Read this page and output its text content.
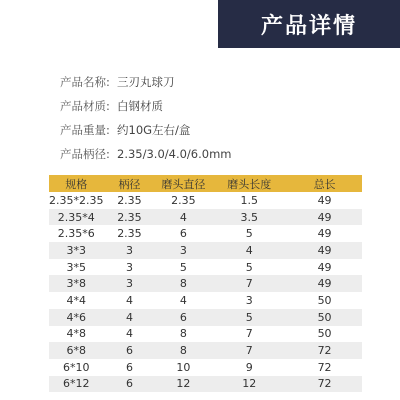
产品详情
产品名称: 三刃丸球刀
产品材质: 白钢材质
产品重量: 约10G左右/盒
产品柄径: 2.35/3.0/4.0/6.0mm
规格	柄径	磨头直径	磨头长度	总长
2.35*2.35	2.35	2.35	1.5	49
2.35*4	2.35	4	3.5	49
2.35*6	2.35	6	5	49
3*3	3	3	4	49
3*5	3	5	5	49
3*8	3	8	7	49
4*4	4	4	3	50
4*6	4	6	5	50
4*8	4	8	7	50
6*8	6	8	7	72
6*10	6	10	9	72
6*12	6	12	12	72
